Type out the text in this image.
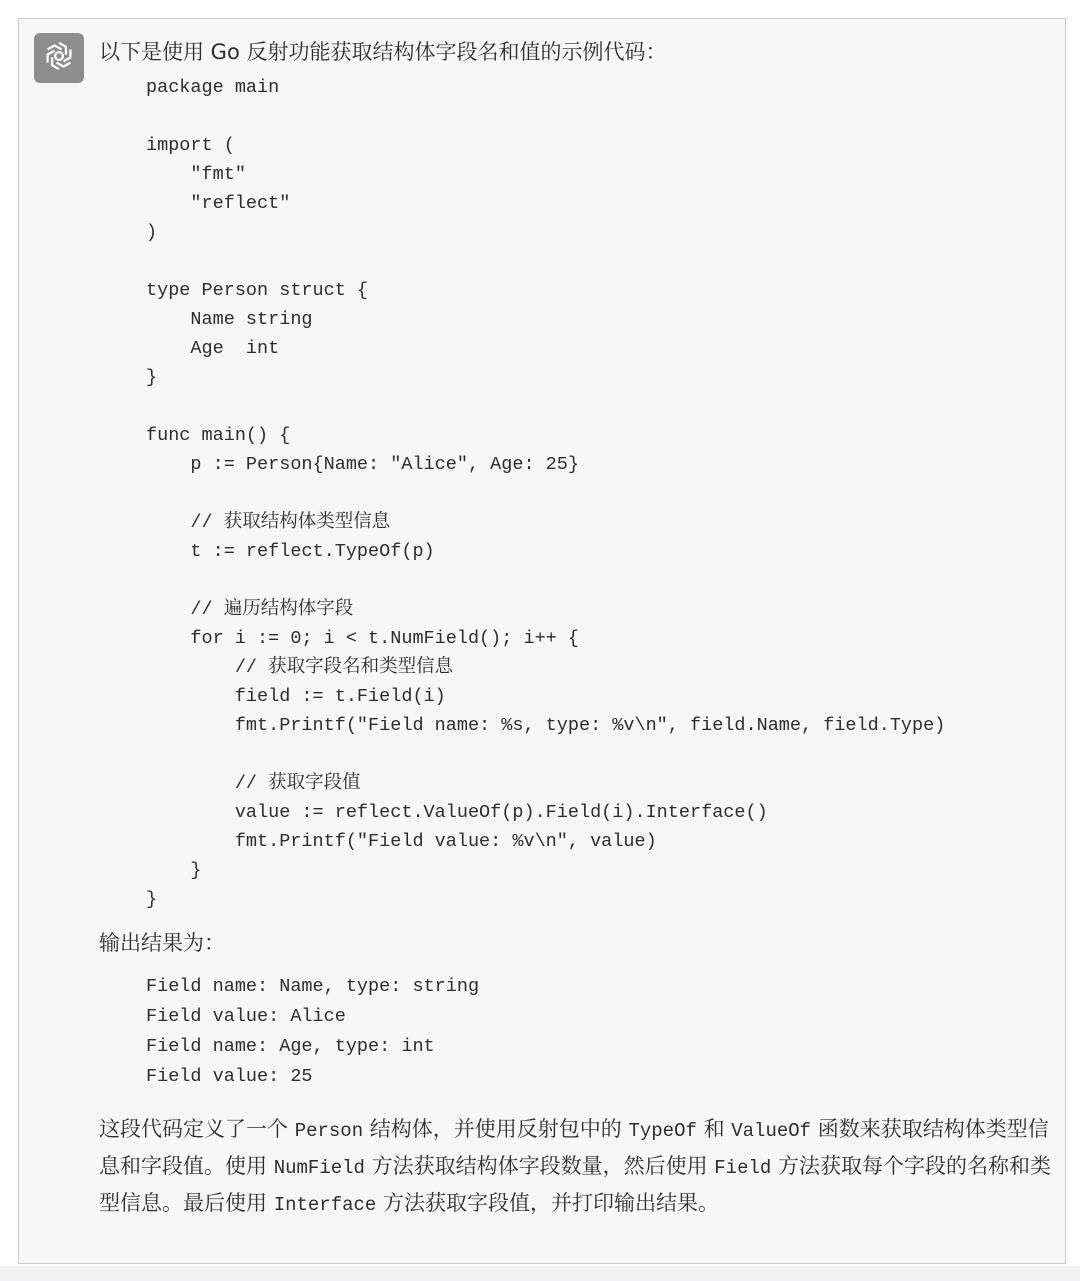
以下是使用 Go 反射功能获取结构体字段名和值的示例代码：

package main
import (
"fmt"
"reflect"
)
type Person struct {
Name string
Age  int
}
func main() {
p := Person{Name: "Alice", Age: 25}
// 获取结构体类型信息
t := reflect.TypeOf(p)
// 遍历结构体字段
for i := 0; i < t.NumField(); i++ {
// 获取字段名和类型信息
field := t.Field(i)
fmt.Printf("Field name: %s, type: %v\n", field.Name, field.Type)
// 获取字段值
value := reflect.ValueOf(p).Field(i).Interface()
fmt.Printf("Field value: %v\n", value)
}
}

输出结果为：

Field name: Name, type: string
Field value: Alice
Field name: Age, type: int
Field value: 25

这段代码定义了一个 Person 结构体，并使用反射包中的 TypeOf 和 ValueOf 函数来获取结构体类型信息和字段值。使用 NumField 方法获取结构体字段数量，然后使用 Field 方法获取每个字段的名称和类型信息。最后使用 Interface 方法获取字段值，并打印输出结果。
